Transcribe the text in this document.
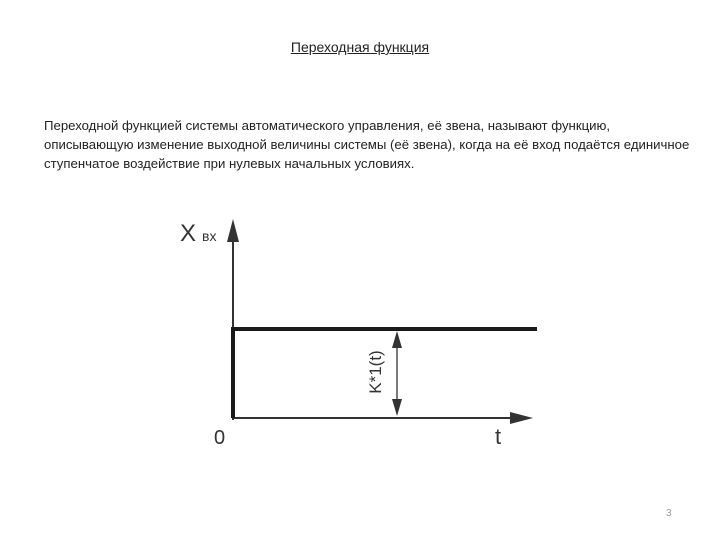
Переходная функция

Переходной функцией системы автоматического управления, её звена, называют функцию, описывающую изменение выходной величины системы (её звена), когда на её вход подаётся единичное ступенчатое воздействие при нулевых начальных условиях.

X вх
0	t
K*1(t)
3
